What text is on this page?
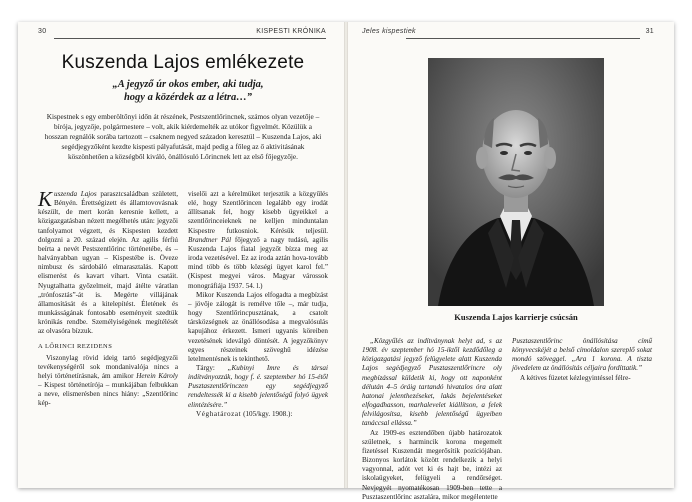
30	KISPESTI KRÓNIKA
Kuszenda Lajos emlékezete
„A jegyző úr okos ember, aki tudja,
hogy a közérdek az a létra…”
Kispestnek s egy emberöltőnyi időn át részének, Pestszentlőrincnek, számos olyan vezetője – bírója, jegyzője, polgármestere – volt, akik kiérdemelték az utókor figyelmét. Közülük a hosszan regnálók sorába tartozott – csaknem negyed századon keresztül – Kuszenda Lajos, aki segédjegyzőként kezdte kispesti pályafutását, majd pedig a főleg az ő aktivitásának köszönhetően a községből kiváló, önállósuló Lőrincnek lett az első főjegyzője.

Kuszenda Lajos parasztcsaládban született, Bényén. Érettségizett és államtovovásnak készült, de mert korán keresnie kellett, a közigazgatásban nézett megélhetés után: jegyzői tanfolyamot végzett, és Kispesten kezdett dolgozni a 20. század elején. Az agilis férfiú beírta a nevét Pestszentlőrinc történetébe, és – halványabban ugyan – Kispestébe is. Öveze nimbusz és sárdobáló elmarasztalás. Kapott elismerést és kavart vihart. Vinta csatáit. Nyugtalhatta győzelmeit, majd átélte váratlan „trónfosztás”-át is. Megérte villájának államosítását és a kitelepítést. Életének és munkásságának fontosabb eseményeit szedtük krónikás rendbe. Személyiségének megítélését az olvasóra bízzuk.

A LŐRINCI REZIDENS

Viszonylag rövid ideig tartó segédjegyzői tevékenységéről sok mondanivalója nincs a helyi történetírásnak, ám amikor Herein Károly – Kispest történetírója – munkájában felbukkan a neve, elismerésben nincs hiány: „Szentlőrinc kép-

viselői azt a kérelmüket terjesztik a közgyűlés elé, hogy Szentlőrincen legalább egy irodát állítsanak fel, hogy kisebb ügyeikkel a szentlőrinceieknek ne kelljen minduntalan Kispestre futkosniok. Kérésük teljesül. Brandtner Pál főjegyző a nagy tudású, agilis Kuszenda Lajos fiatal jegyzőt bízza meg az iroda vezetésével. Ez az iroda aztán hova-tovább mind több és több községi ügyet karol fel.” (Kispest megyei város. Magyar várossok monográfiája 1937. 54. l.)

Mikor Kuszenda Lajos elfogadta a megbízást – jövője zálogát is remélve tőle –, már tudja, hogy Szentlőrincpusztának, a csatolt társközségnek az önállósodása a megvalósulás kapujához érkezett. Ismeri ugyanis köreiben vezetésének ideválgó döntését. A jegyzőkönyv egyes részeinek szöveghű idézése letelmentésnek is tekinthető.

Tárgy: „Kubinyi Imre és társai indítványozzák, hogy f. é. szeptember hó 15-étől Pusztaszentlőrinczen egy segédjegyző rendeltessék ki a kisebb jelentőségű folyó ügyek elintézésére.”

Véghatározat (105/kgy. 1908.):

Jeles kispestiek	31
Kuszenda Lajos karrierje csúcsán

„Közgyűlés az indítványnak helyt ad, s az 1908. év szeptember hó 15-iktől kezdődőleg a közigazgatási jegyző felügyelete alatt Kuszenda Lajos segédjegyző Pusztaszentlőrincre oly megbízással küldetik ki, hogy ott naponként délután 4–5 óráig tartandó hivatalos óra alatt hatonai jelenthezéseket, lakás bejelentéseket elfogadhasson, marhalevelet kiállítson, a felek felvilágosítsa, kisebb jelentőségű ügyeiben tanáccsal ellássa.”

Az 1909-es esztendőben újabb határozatok születnek, s harmincik korona megemelt fizetéssel Kuszendát megerősítik pozíciójában. Bizonyos korlátok között rendelkezik a helyi vagyonnal, adót vet ki és hajt be, intézi az iskolaügyeket, felügyeli a rendőrséget. Nevjegyét nyomatékosan 1909-ben tette a Pusztaszentlőrinc asztalára, mikor megélentette

Pusztaszentlőrinc önállósítása című könyvecskéjét a belső címoldalon szereplő sokat mondó szöveggel. „Ara 1 korona. A tiszta jövedelem az önállósítás céljaira fordíttatik.”

A kétives füzetet kézlegyintéssel félre-
